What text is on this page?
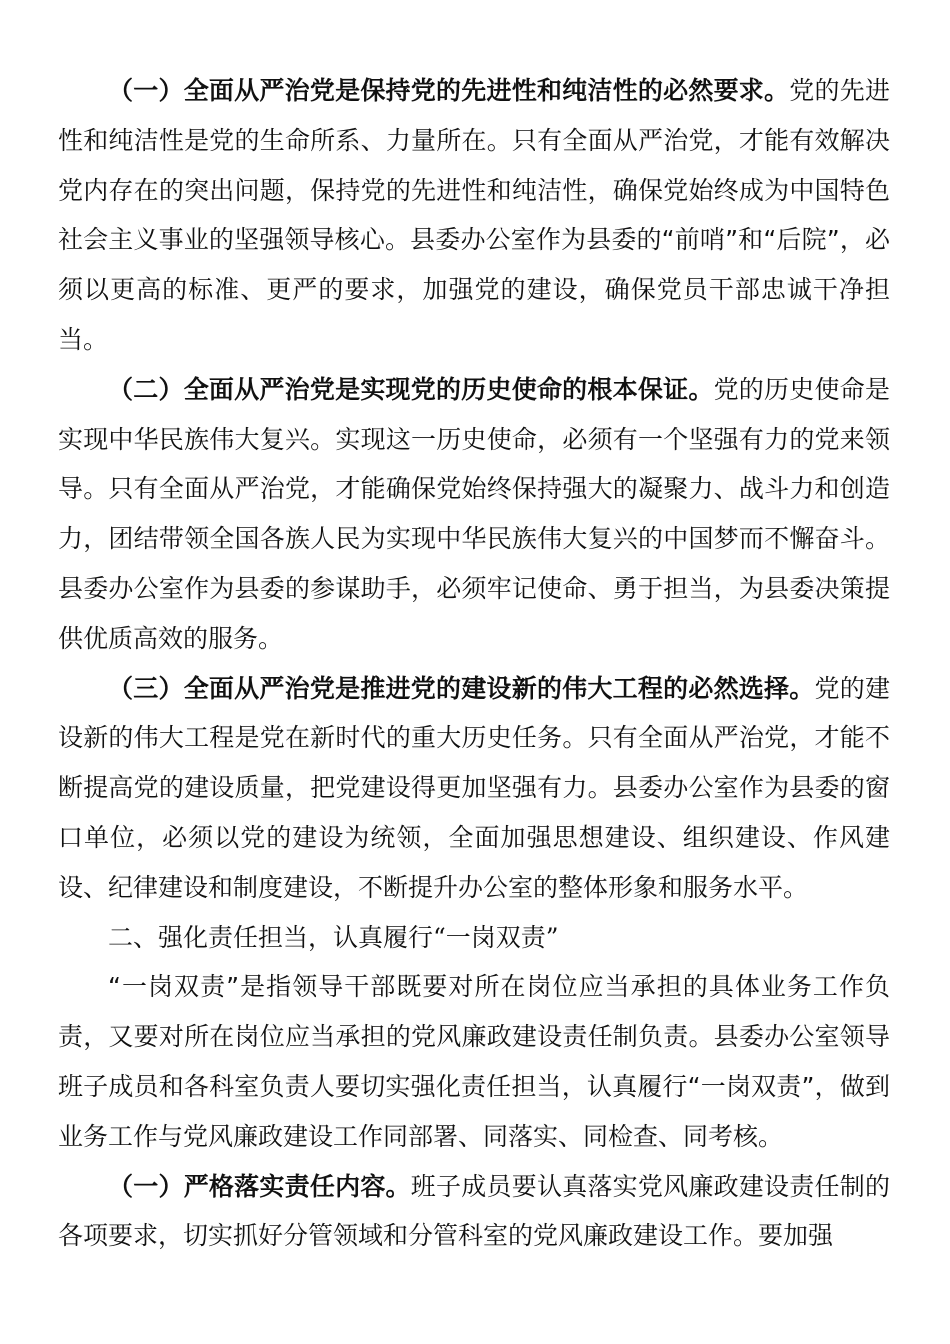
（一）全面从严治党是保持党的先进性和纯洁性的必然要求。党的先进性和纯洁性是党的生命所系、力量所在。只有全面从严治党，才能有效解决党内存在的突出问题，保持党的先进性和纯洁性，确保党始终成为中国特色社会主义事业的坚强领导核心。县委办公室作为县委的“前哨”和“后院”，必须以更高的标准、更严的要求，加强党的建设，确保党员干部忠诚干净担当。

（二）全面从严治党是实现党的历史使命的根本保证。党的历史使命是实现中华民族伟大复兴。实现这一历史使命，必须有一个坚强有力的党来领导。只有全面从严治党，才能确保党始终保持强大的凝聚力、战斗力和创造力，团结带领全国各族人民为实现中华民族伟大复兴的中国梦而不懈奋斗。县委办公室作为县委的参谋助手，必须牢记使命、勇于担当，为县委决策提供优质高效的服务。

（三）全面从严治党是推进党的建设新的伟大工程的必然选择。党的建设新的伟大工程是党在新时代的重大历史任务。只有全面从严治党，才能不断提高党的建设质量，把党建设得更加坚强有力。县委办公室作为县委的窗口单位，必须以党的建设为统领，全面加强思想建设、组织建设、作风建设、纪律建设和制度建设，不断提升办公室的整体形象和服务水平。

二、强化责任担当，认真履行“一岗双责”

“一岗双责”是指领导干部既要对所在岗位应当承担的具体业务工作负责，又要对所在岗位应当承担的党风廉政建设责任制负责。县委办公室领导班子成员和各科室负责人要切实强化责任担当，认真履行“一岗双责”，做到业务工作与党风廉政建设工作同部署、同落实、同检查、同考核。

（一）严格落实责任内容。班子成员要认真落实党风廉政建设责任制的各项要求，切实抓好分管领域和分管科室的党风廉政建设工作。要加强
